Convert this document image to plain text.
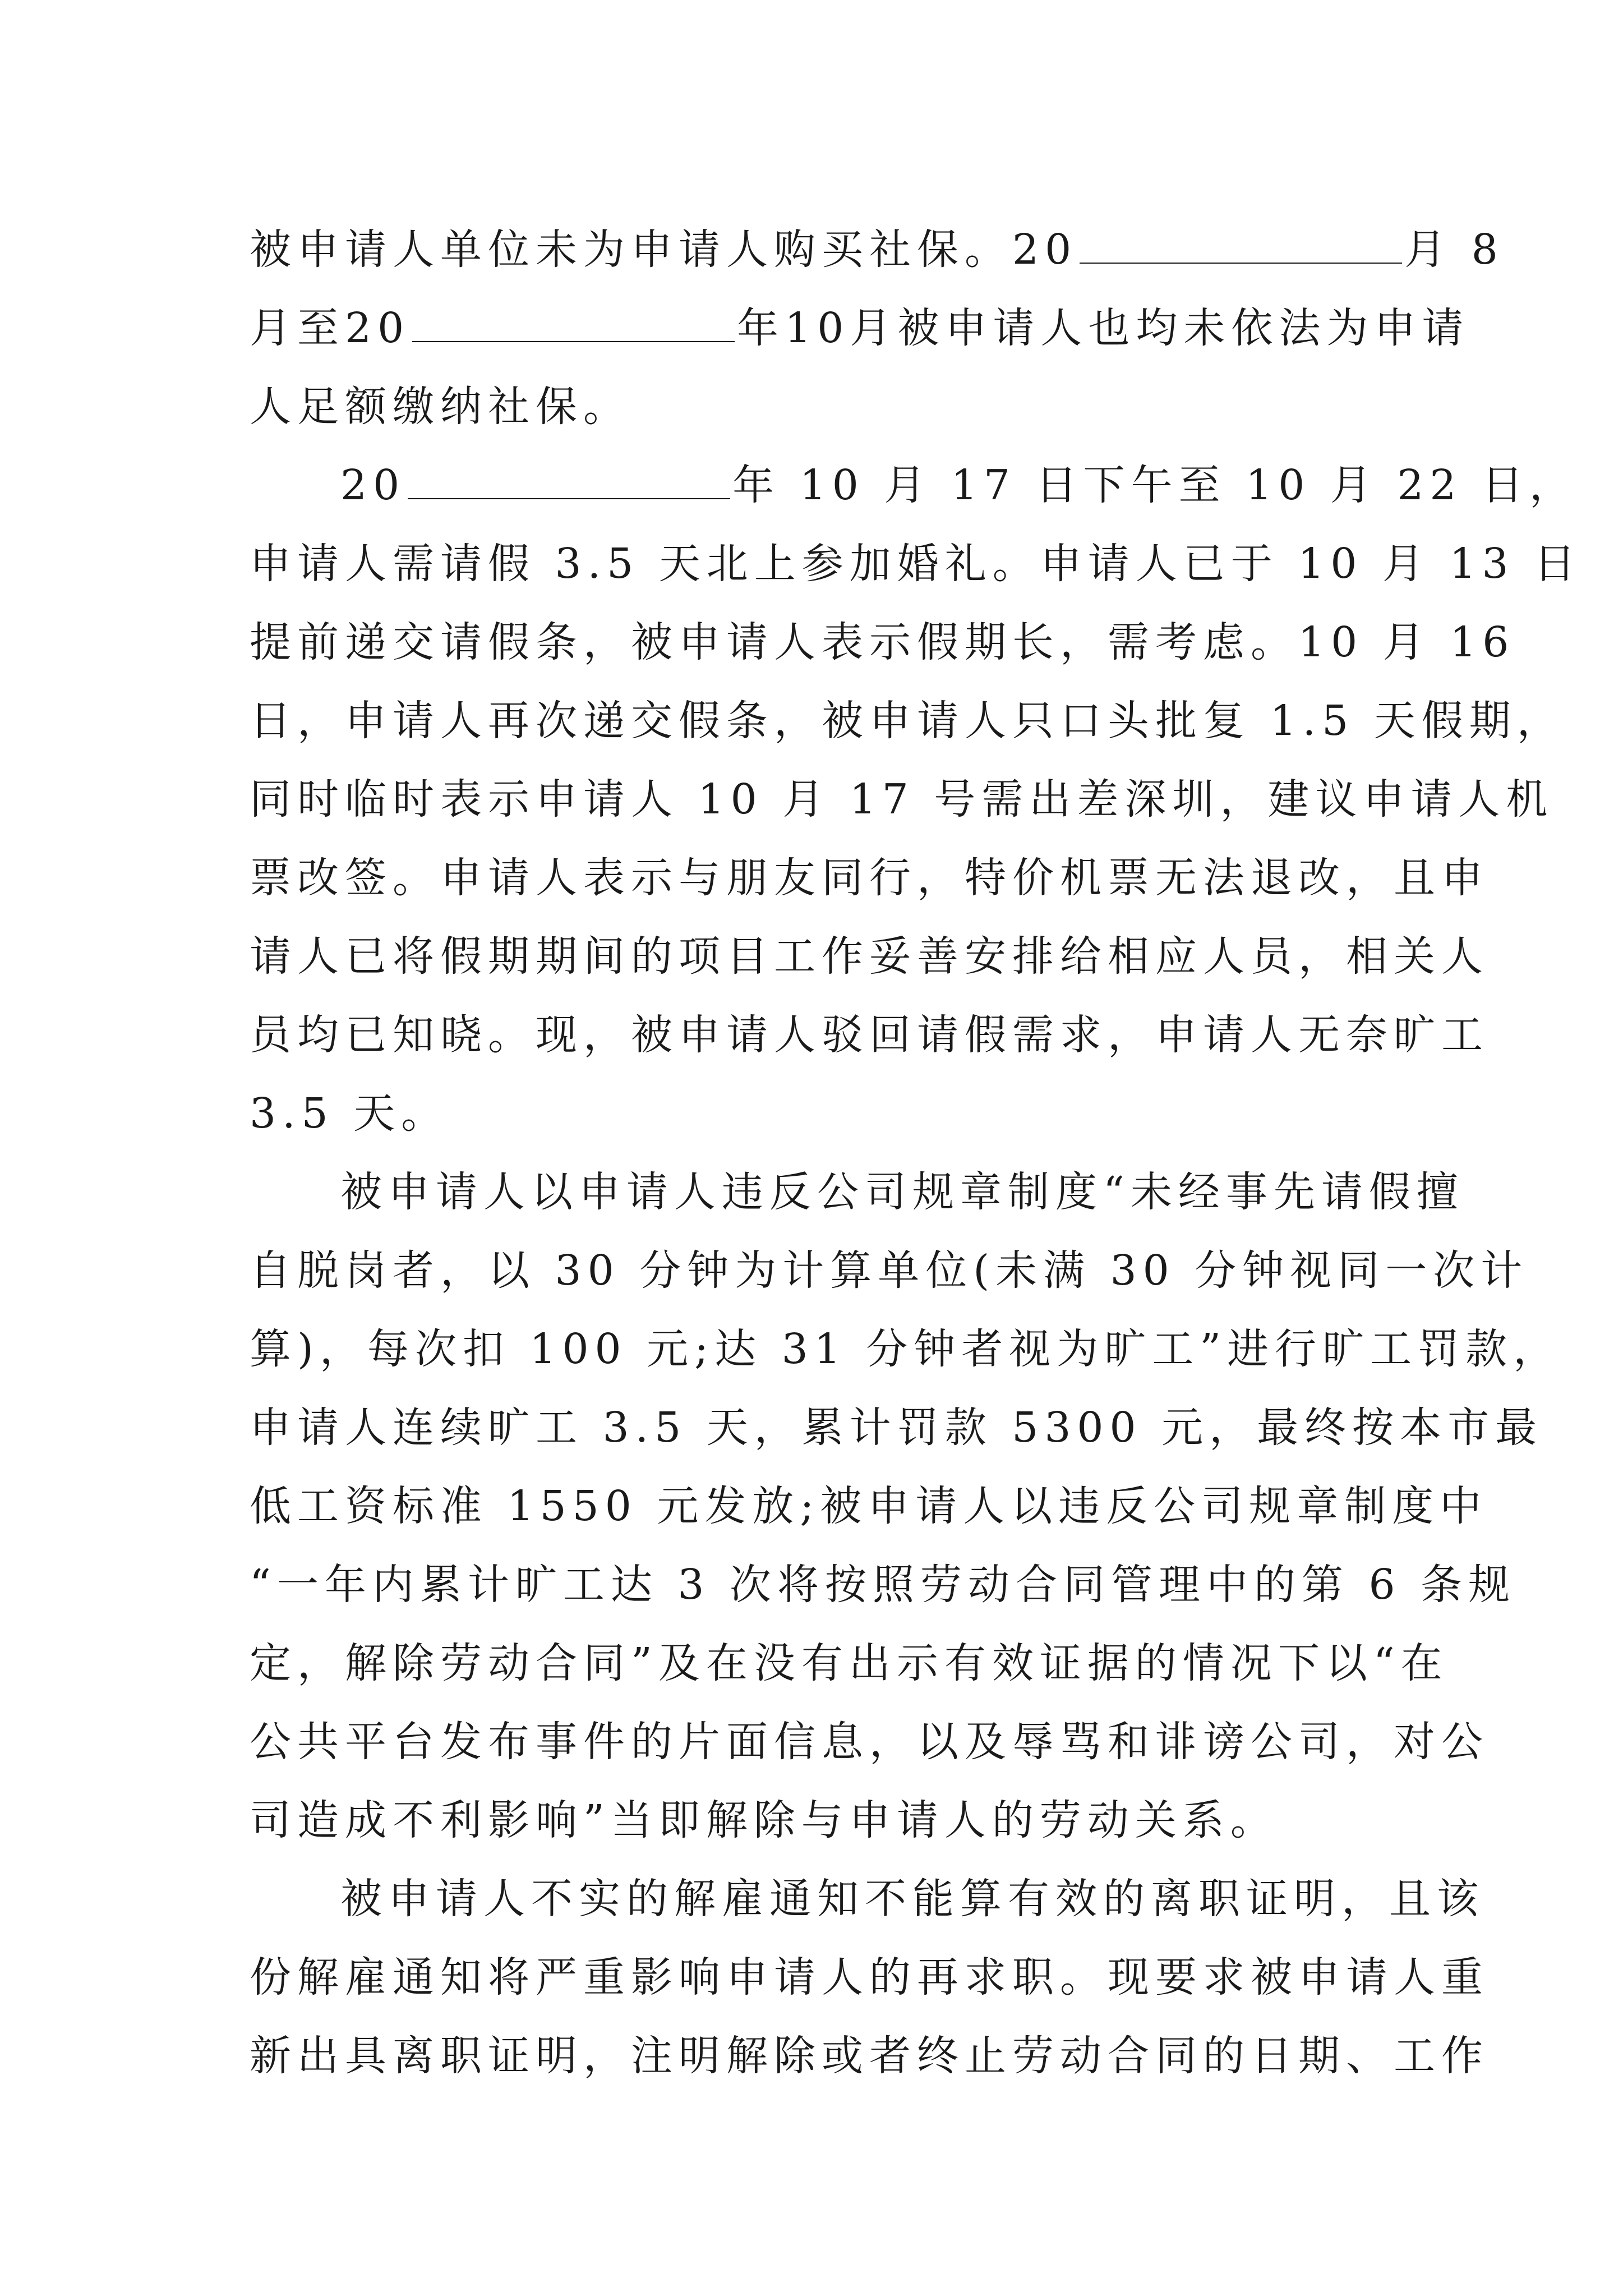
被申请人单位未为申请人购买社保。20	月 8
月至20	年10月被申请人也均未依法为申请
人足额缴纳社保。
20	年 10 月 17 日下午至 10 月 22 日，
申请人需请假 3.5 天北上参加婚礼。申请人已于 10 月 13 日
提前递交请假条，被申请人表示假期长，需考虑。10 月 16
日，申请人再次递交假条，被申请人只口头批复 1.5 天假期，
同时临时表示申请人 10 月 17 号需出差深圳，建议申请人机
票改签。申请人表示与朋友同行，特价机票无法退改，且申
请人已将假期期间的项目工作妥善安排给相应人员，相关人
员均已知晓。现，被申请人驳回请假需求，申请人无奈旷工
3.5 天。
被申请人以申请人违反公司规章制度“未经事先请假擅
自脱岗者，以 30 分钟为计算单位(未满 30 分钟视同一次计
算)，每次扣 100 元;达 31 分钟者视为旷工”进行旷工罚款，
申请人连续旷工 3.5 天，累计罚款 5300 元，最终按本市最
低工资标准 1550 元发放;被申请人以违反公司规章制度中
“一年内累计旷工达 3 次将按照劳动合同管理中的第 6 条规
定，解除劳动合同”及在没有出示有效证据的情况下以“在
公共平台发布事件的片面信息，以及辱骂和诽谤公司，对公
司造成不利影响”当即解除与申请人的劳动关系。
被申请人不实的解雇通知不能算有效的离职证明，且该
份解雇通知将严重影响申请人的再求职。现要求被申请人重
新出具离职证明，注明解除或者终止劳动合同的日期、工作
